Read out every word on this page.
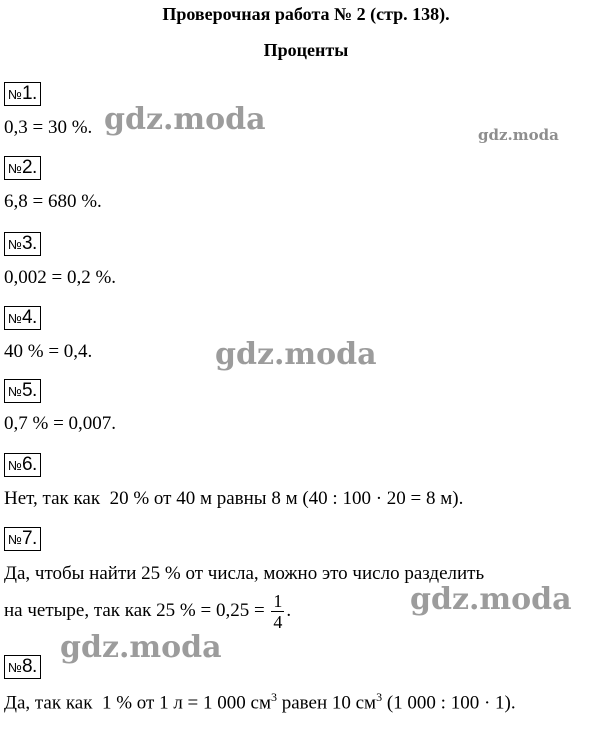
Проверочная работа № 2 (стр. 138).
Проценты
№1.

0,3 = 30 %.

№2.

6,8 = 680 %.

№3.

0,002 = 0,2 %.

№4.

40 % = 0,4.

№5.

0,7 % = 0,007.

№6.

Нет, так как  20 % от 40 м равны 8 м (40 : 100 · 20 = 8 м).

№7.

Да, чтобы найти 25 % от числа, можно это число разделить

на четыре, так как 25 % = $0,25 = \frac{1}{4}$ .

№8.

Да, так как  1 % от 1 л = 1 000 $см^3$ равен 10 $см^3$ (1 000 : 100 · 1).

gdz.moda	gdz.moda
gdz.moda
gdz.moda
gdz.moda
